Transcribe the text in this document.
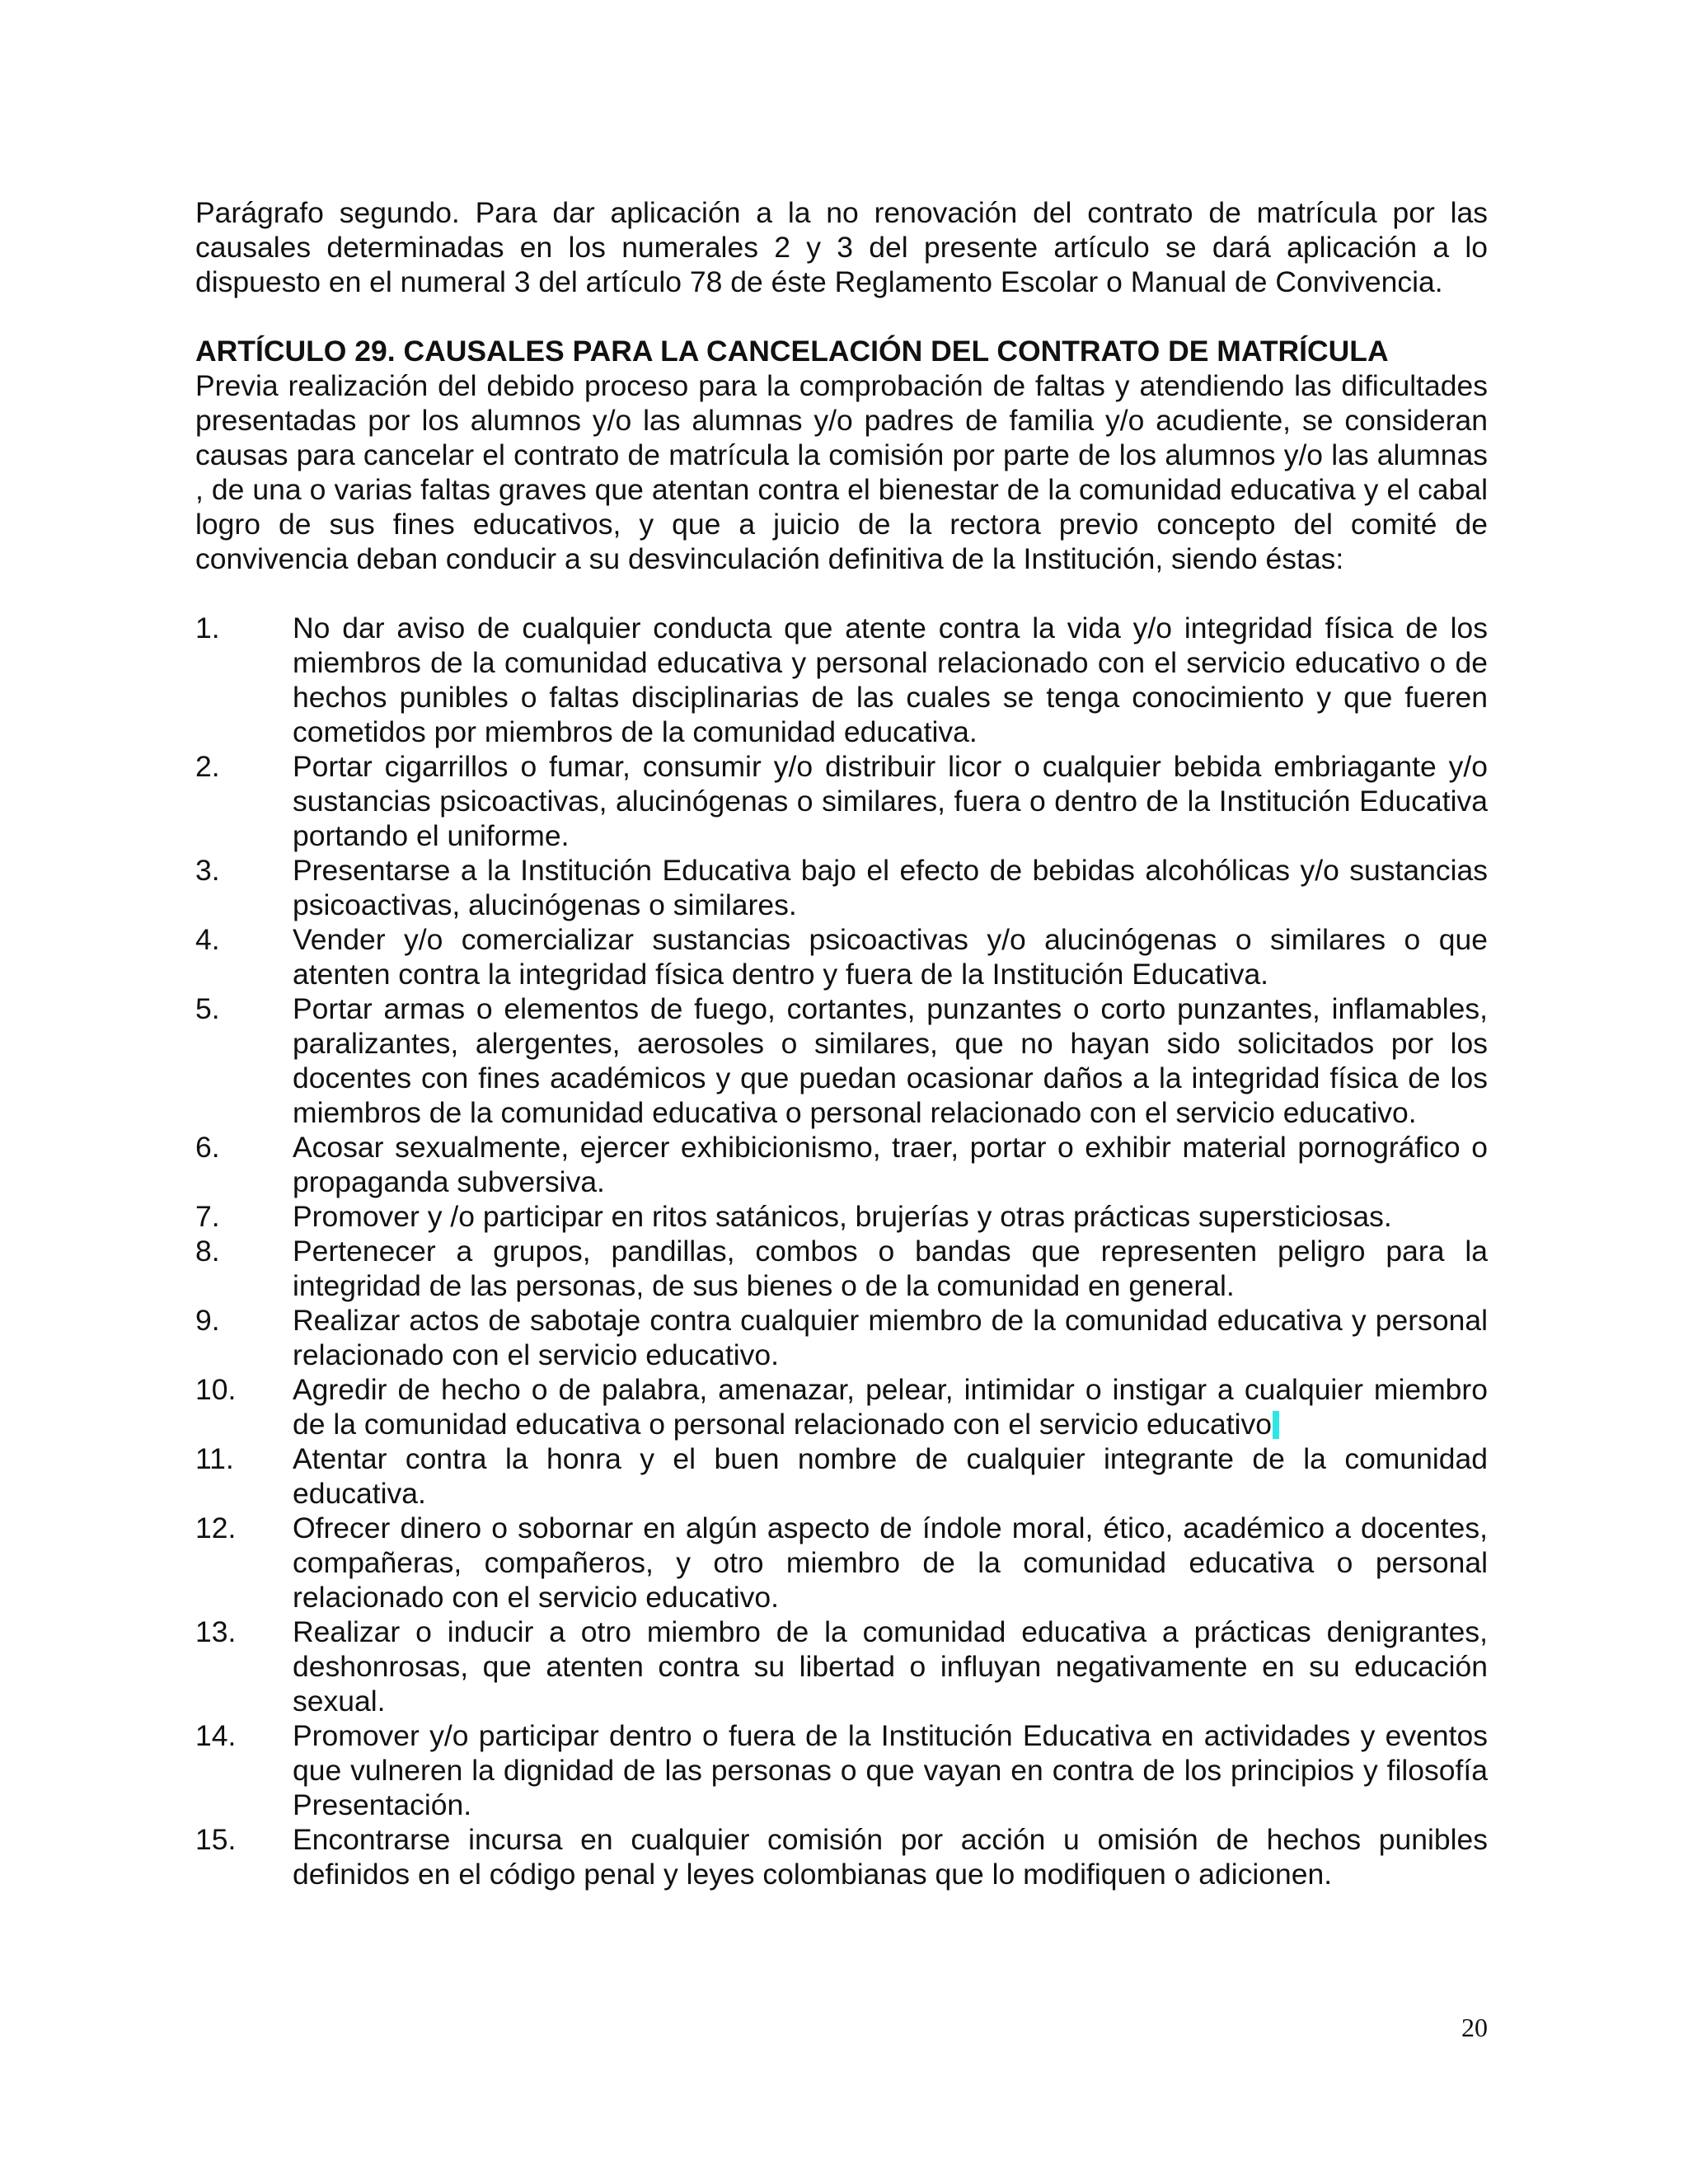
Parágrafo segundo. Para dar aplicación a la no renovación del contrato de matrícula por las causales determinadas en los numerales 2 y 3 del presente artículo se dará aplicación a lo dispuesto en el numeral 3 del artículo 78 de éste Reglamento Escolar o Manual de Convivencia.

ARTÍCULO 29. CAUSALES PARA LA CANCELACIÓN DEL CONTRATO DE MATRÍCULA

Previa realización del debido proceso para la comprobación de faltas y atendiendo las dificultades presentadas por los alumnos y/o las alumnas y/o padres de familia y/o acudiente, se consideran causas para cancelar el contrato de matrícula la comisión por parte de los alumnos y/o las alumnas , de una o varias faltas graves que atentan contra el bienestar de la comunidad educativa y el cabal logro de sus fines educativos, y que a juicio de la rectora previo concepto del comité de convivencia deban conducir a su desvinculación definitiva de la Institución, siendo éstas:

1. No dar aviso de cualquier conducta que atente contra la vida y/o integridad física de los miembros de la comunidad educativa y personal relacionado con el servicio educativo o de hechos punibles o faltas disciplinarias de las cuales se tenga conocimiento y que fueren cometidos por miembros de la comunidad educativa.
2. Portar cigarrillos o fumar, consumir y/o distribuir licor o cualquier bebida embriagante y/o sustancias psicoactivas, alucinógenas o similares, fuera o dentro de la Institución Educativa portando el uniforme.
3. Presentarse a la Institución Educativa bajo el efecto de bebidas alcohólicas y/o sustancias psicoactivas, alucinógenas o similares.
4. Vender y/o comercializar sustancias psicoactivas y/o alucinógenas o similares o que atenten contra la integridad física dentro y fuera de la Institución Educativa.
5. Portar armas o elementos de fuego, cortantes, punzantes o corto punzantes, inflamables, paralizantes, alergentes, aerosoles o similares, que no hayan sido solicitados por los docentes con fines académicos y que puedan ocasionar daños a la integridad física de los miembros de la comunidad educativa o personal relacionado con el servicio educativo.
6. Acosar sexualmente, ejercer exhibicionismo, traer, portar o exhibir material pornográfico o propaganda subversiva.
7. Promover y /o participar en ritos satánicos, brujerías y otras prácticas supersticiosas.
8. Pertenecer a grupos, pandillas, combos o bandas que representen peligro para la integridad de las personas, de sus bienes o de la comunidad en general.
9. Realizar actos de sabotaje contra cualquier miembro de la comunidad educativa y personal relacionado con el servicio educativo.
10. Agredir de hecho o de palabra, amenazar, pelear, intimidar o instigar a cualquier miembro de la comunidad educativa o personal relacionado con el servicio educativo
11. Atentar contra la honra y el buen nombre de cualquier integrante de la comunidad educativa.
12. Ofrecer dinero o sobornar en algún aspecto de índole moral, ético, académico a docentes, compañeras, compañeros, y otro miembro de la comunidad educativa o personal relacionado con el servicio educativo.
13. Realizar o inducir a otro miembro de la comunidad educativa a prácticas denigrantes, deshonrosas, que atenten contra su libertad o influyan negativamente en su educación sexual.
14. Promover y/o participar dentro o fuera de la Institución Educativa en actividades y eventos que vulneren la dignidad de las personas o que vayan en contra de los principios y filosofía Presentación.
15. Encontrarse incursa en cualquier comisión por acción u omisión de hechos punibles definidos en el código penal y leyes colombianas que lo modifiquen o adicionen.
20
